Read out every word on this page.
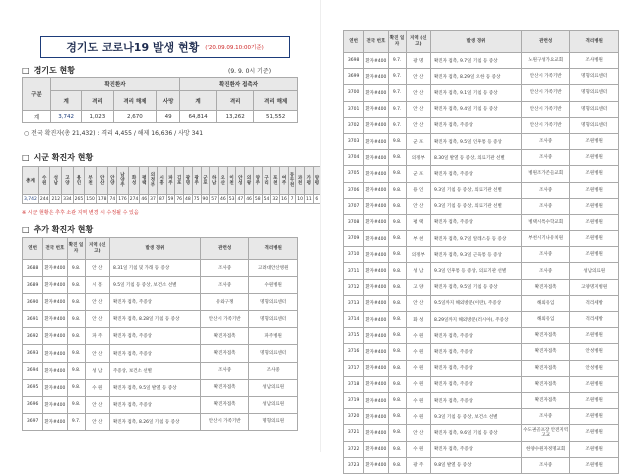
경기도 코로나19 발생 현황 ('20.09.09.10:00기준)
□ 경기도 현황	(9. 9. 0시 기준)
구분	확진환자				확진환자 접촉자		
	계	격리	격리 해제	사망	계	격리	격리 해제
계	3,742	1,023	2,670	49	64,814	13,262	51,552
○ 전국 확진자(총 21,432) : 격리 4,455 / 해제 16,636 / 사망 341
□ 시군 확진자 현황
총계	수원	성남	고양	용인	부천	안산	안양	남양주	화성	평택	의정부	시흥	파주	김포	광명	광주	군포	하남	오산	이천	안성	의왕	양주	구리	포천	여주	동두천	과천	가평	양평		
3,742	244	212	334	265	150	178	74	176	274	46	37	87	59	76	48	75	90	57	46	53	47	46	58	54	32	16	7	10	11	6		
※ 시군 현황은 추후 소관 지역 변경 시 수정될 수 있음
□ 추가 확진자 현황
연번	전국 번호	확진 일자	지역 (신고)	발생 경위	관련성	격리병원
3688	환자#400	9.8.	안 산	8.31일 기침 및 가래 등 증상	조사중	고려대안산병원
3689	환자#400	9.8.	시 흥	9.5일 기침 등 증상, 보건소 선별	조사중	수원병원
3690	환자#400	9.8.	안 산	확진자 접촉, 주증상	유와구쟁	명형의료센터
3691	환자#400	9.8.	안 산	확진자 접촉, 8.28일 기침 등 증상	안산시 가족기반	명형의료센터
3692	환자#400	9.8.	파 주	확진자 접촉, 주증상	확진자접촉	파주병원
3693	환자#400	9.8.	안 산	확진자 접촉, 주증상	확진자접촉	명형의료센터
3694	환자#400	9.8.	성 남	주증상, 보건소 선별	조사중	조사중
3695	환자#400	9.8.	수 원	확진자 접촉, 9.5일 발열 등 증상	확진자접촉	성남의료원
3696	환자#400	9.8.	안 산	확진자 접촉, 주증상	확진자접촉	성남의료원
3697	환자#400	9.7.	안 산	확진자 접촉, 8.26일 기침 등 증상	안산시 가족기반	명형의료원
연번	전국 번호	확진 일자	지역 (신고)	발생 경위	관련성	격리병원
3698	환자#400	9.7.	광 명	확진자 접촉, 9.7일 기침 등 증상	노원구성가요교회	조사병원
3699	환자#400	9.7.	안 산	확진자 접촉, 8.29일 오한 등 증상	안산시 가족기반	명형의료센터
3700	환자#400	9.7.	안 산	확진자 접촉, 9.1일 기침 등 증상	안산시 가족기반	명형의료센터
3701	환자#400	9.7.	안 산	확진자 접촉, 9.4일 기침 등 증상	안산시 가족기반	명형의료센터
3702	환자#400	9.7.	안 산	확진자 접촉, 주증상	안산시 가족기반	명형의료센터
3703	환자#400	9.8.	군 포	확진자 접촉, 9.5일 인후통 등 증상	조사중	조원병원
3704	환자#400	9.8.	의정부	8.30일 발열 등 증상, 의료기관 선별	조사중	조원병원
3705	환자#400	9.8.	군 포	확진자 접촉, 주증상	병원조가존들교회	조원병원
3706	환자#400	9.8.	용 인	9.3일 기침 등 증상, 의료기관 선별	조사중	조원병원
3707	환자#400	9.8.	안 산	9.3일 기침 등 증상, 의료기관 선별	조사중	조원병원
3708	환자#400	9.8.	평 택	확진자 접촉, 주증상	병택시특수학교회	조원병원
3709	환자#400	9.8.	부 천	확진자 접촉, 9.7일 알레스등 등 증상	부천시기나유치원	조원병원
3710	환자#400	9.8.	의정부	확진자 접촉, 9.3일 근육통 등 증상	조사중	조원병원
3711	환자#400	9.8.	성 남	9.3일 인후통 등 증상, 의료기관 선별	조사중	성남의료원
3712	환자#400	9.8.	고 양	확진자 접촉, 9.5일 기침 등 증상	확진자접촉	고양명지병원
3713	환자#400	9.8.	안 산	9.5일까지 해외방문(이란), 주증상	해외유입	격리세방
3714	환자#400	9.8.	화 성	8.29일까지 해외방문(러시아), 주증상	해외유입	격리세방
3715	환자#400	9.8.	수 원	확진자 접촉, 주증상	확진자접촉	조원병원
3716	환자#400	9.8.	수 원	확진자 접촉, 주증상	확진자접촉	안성병원
3717	환자#400	9.8.	수 원	확진자 접촉, 주증상	확진자접촉	안성병원
3718	환자#400	9.8.	수 원	확진자 접촉, 주증상	확진자접촉	조원병원
3719	환자#400	9.8.	수 원	확진자 접촉, 주증상	확진자접촉	조원병원
3720	환자#400	9.8.	수 원	9.3일 기침 등 증상, 보건소 선별	조사중	조원병원
3721	환자#400	9.8.	안 산	확진자 접촉, 9.6일 기침 등 증상	수도권골프장 안전지역고교	조원병원
3722	환자#400	9.8.	수 원	확진자 접촉, 주증상	한양수원자정명교회	조원병원
3723	환자#400	9.8.	광 주	9.8일 발열 등 증상	조사중	조원병원
